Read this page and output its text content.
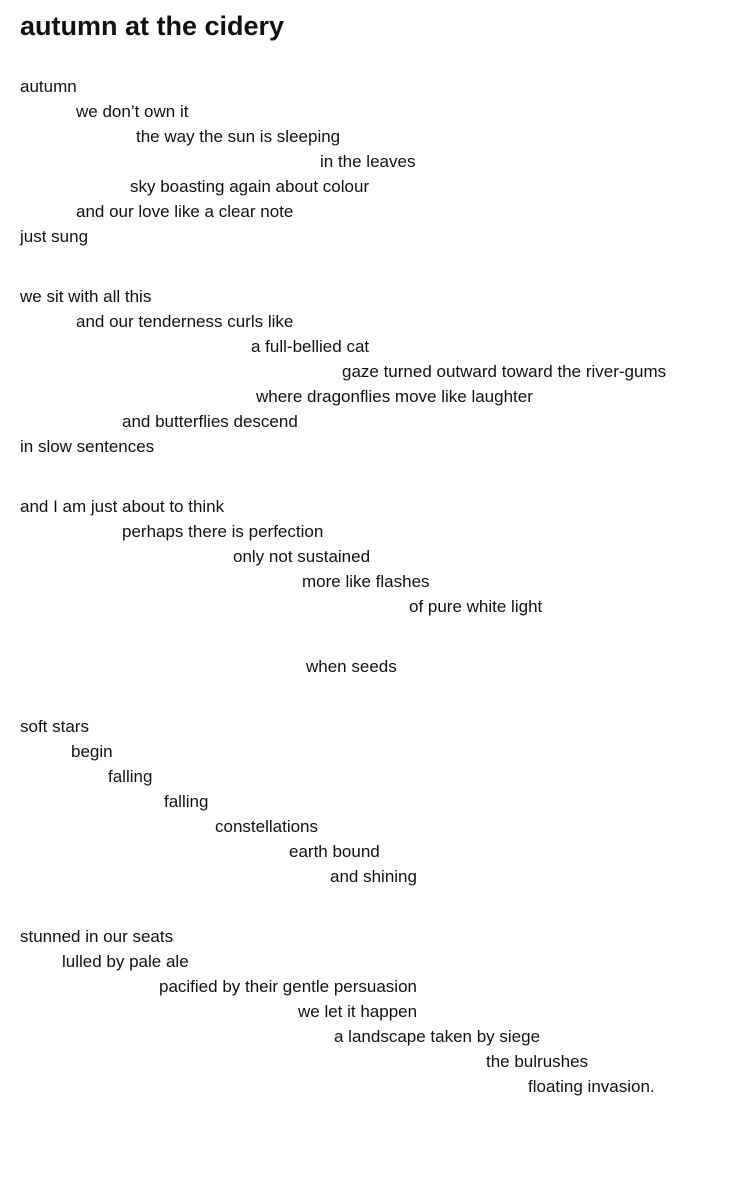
autumn at the cidery

autumn

we don’t own it

the way the sun is sleeping

in the leaves

sky boasting again about colour

and our love like a clear note

just sung

we sit with all this

and our tenderness curls like

a full-bellied cat

gaze turned outward toward the river-gums

where dragonflies move like laughter

and butterflies descend

in slow sentences

and I am just about to think

perhaps there is perfection

only not sustained

more like flashes

of pure white light

when seeds

soft stars

begin

falling

falling

constellations

earth bound

and shining

stunned in our seats

lulled by pale ale

pacified by their gentle persuasion

we let it happen

a landscape taken by siege

the bulrushes

floating invasion.
